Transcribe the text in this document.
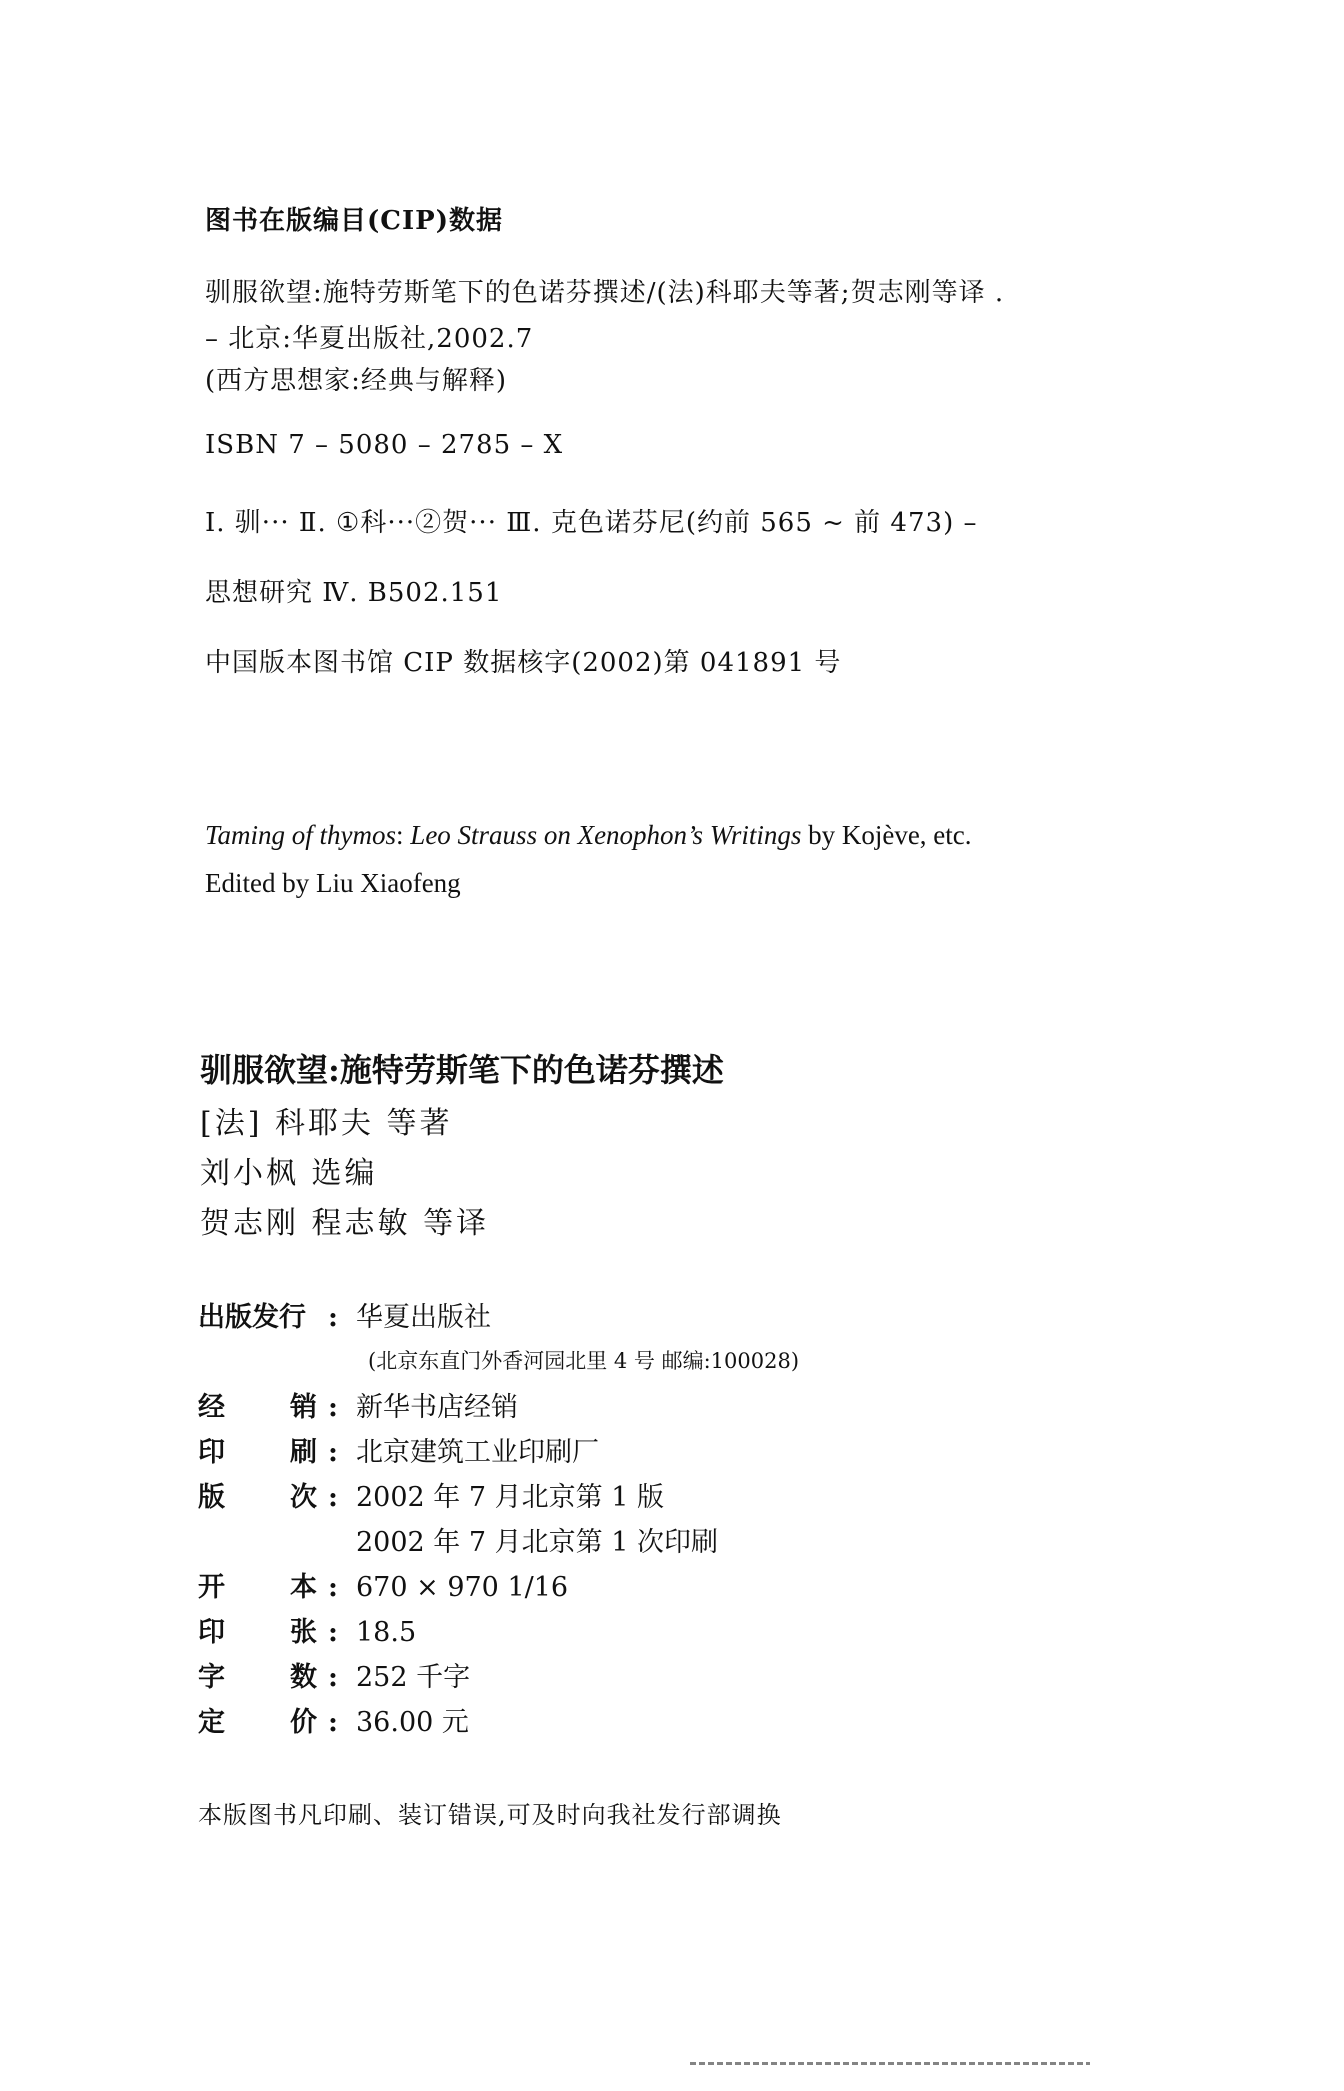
图书在版编目(CIP)数据
驯服欲望:施特劳斯笔下的色诺芬撰述/(法)科耶夫等著;贺志刚等译 .
– 北京:华夏出版社,2002.7
(西方思想家:经典与解释)
ISBN 7 – 5080 – 2785 – X
Ⅰ. 驯··· Ⅱ. ①科···②贺··· Ⅲ. 克色诺芬尼(约前 565 ~ 前 473) –
思想研究 Ⅳ. B502.151
中国版本图书馆 CIP 数据核字(2002)第 041891 号
Taming of thymos: Leo Strauss on Xenophon’s Writings by Kojève, etc.
Edited by Liu Xiaofeng
驯服欲望:施特劳斯笔下的色诺芬撰述
[法] 科耶夫 等著
刘小枫 选编
贺志刚 程志敏 等译
出版发行 : 华夏出版社
(北京东直门外香河园北里 4 号 邮编:100028)
经 销 : 新华书店经销
印 刷 : 北京建筑工业印刷厂
版 次 : 2002 年 7 月北京第 1 版
2002 年 7 月北京第 1 次印刷
开 本 : 670 × 970 1/16
印 张 : 18.5
字 数 : 252 千字
定 价 : 36.00 元
本版图书凡印刷、装订错误,可及时向我社发行部调换
